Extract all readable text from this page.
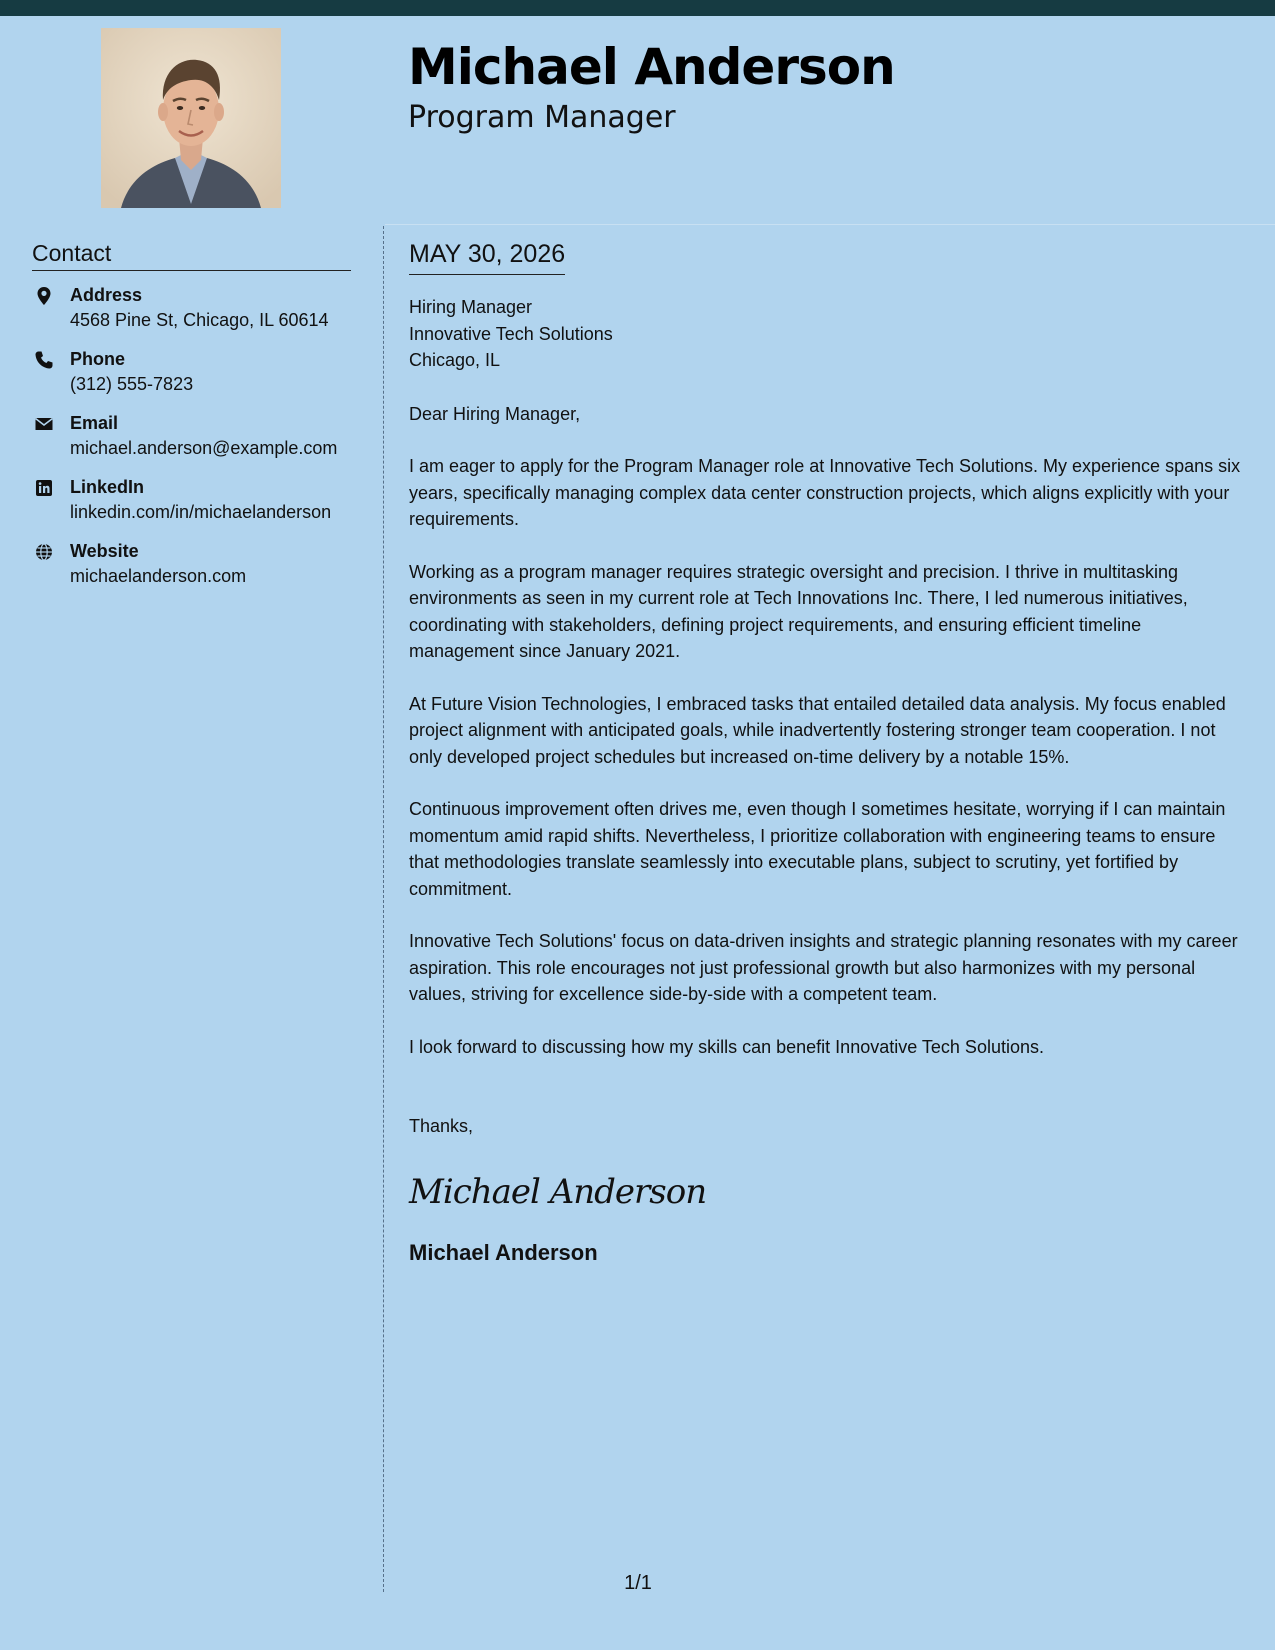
Michael Anderson
Program Manager
Contact
Address
4568 Pine St, Chicago, IL 60614
Phone
(312) 555-7823
Email
michael.anderson@example.com
LinkedIn
linkedin.com/in/michaelanderson
Website
michaelanderson.com
MAY 30, 2026
Hiring Manager
Innovative Tech Solutions
Chicago, IL

Dear Hiring Manager,

I am eager to apply for the Program Manager role at Innovative Tech Solutions. My experience spans six years, specifically managing complex data center construction projects, which aligns explicitly with your requirements.

Working as a program manager requires strategic oversight and precision. I thrive in multitasking environments as seen in my current role at Tech Innovations Inc. There, I led numerous initiatives, coordinating with stakeholders, defining project requirements, and ensuring efficient timeline management since January 2021.

At Future Vision Technologies, I embraced tasks that entailed detailed data analysis. My focus enabled project alignment with anticipated goals, while inadvertently fostering stronger team cooperation. I not only developed project schedules but increased on-time delivery by a notable 15%.

Continuous improvement often drives me, even though I sometimes hesitate, worrying if I can maintain momentum amid rapid shifts. Nevertheless, I prioritize collaboration with engineering teams to ensure that methodologies translate seamlessly into executable plans, subject to scrutiny, yet fortified by commitment.

Innovative Tech Solutions' focus on data-driven insights and strategic planning resonates with my career aspiration. This role encourages not just professional growth but also harmonizes with my personal values, striving for excellence side-by-side with a competent team.

I look forward to discussing how my skills can benefit Innovative Tech Solutions.

Thanks,

Michael Anderson

Michael Anderson

1/1
